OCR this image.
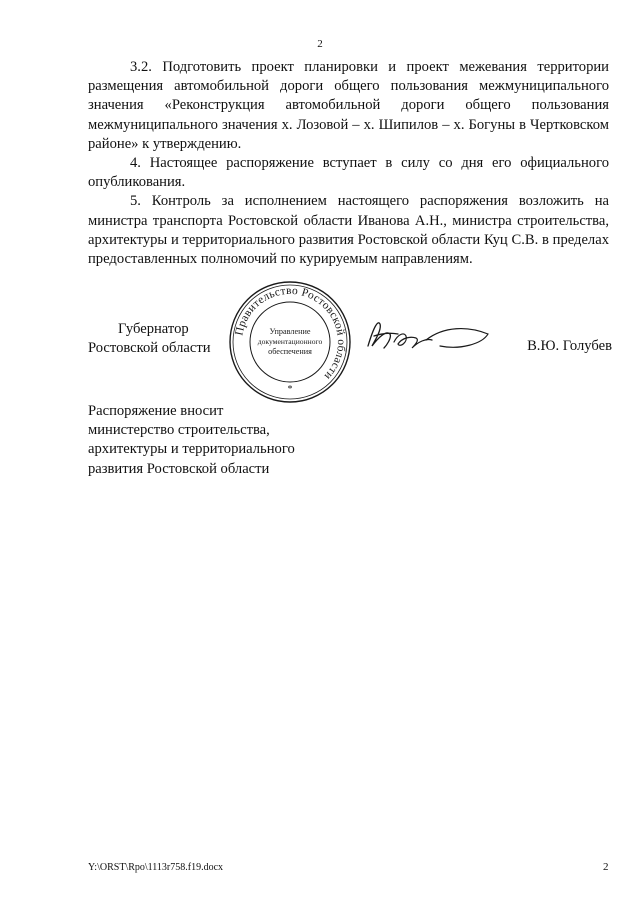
2

3.2. Подготовить проект планировки и проект межевания территории размещения автомобильной дороги общего пользования межмуниципального значения «Реконструкция автомобильной дороги общего пользования межмуниципального значения х. Лозовой – х. Шипилов – х. Богуны в Чертковском районе» к утверждению.

4. Настоящее распоряжение вступает в силу со дня его официального опубликования.

5. Контроль за исполнением настоящего распоряжения возложить на министра транспорта Ростовской области Иванова А.Н., министра строительства, архитектуры и территориального развития Ростовской области Куц С.В. в пределах предоставленных полномочий по курируемым направлениям.

Губернатор
Ростовской области
Правительство Ростовской области
Управление
документационного
обеспечения
*
В.Ю. Голубев
Распоряжение вносит
министерство строительства,
архитектуры и территориального
развития Ростовской области
Y:\ORST\Rpo\1113r758.f19.docx	2
